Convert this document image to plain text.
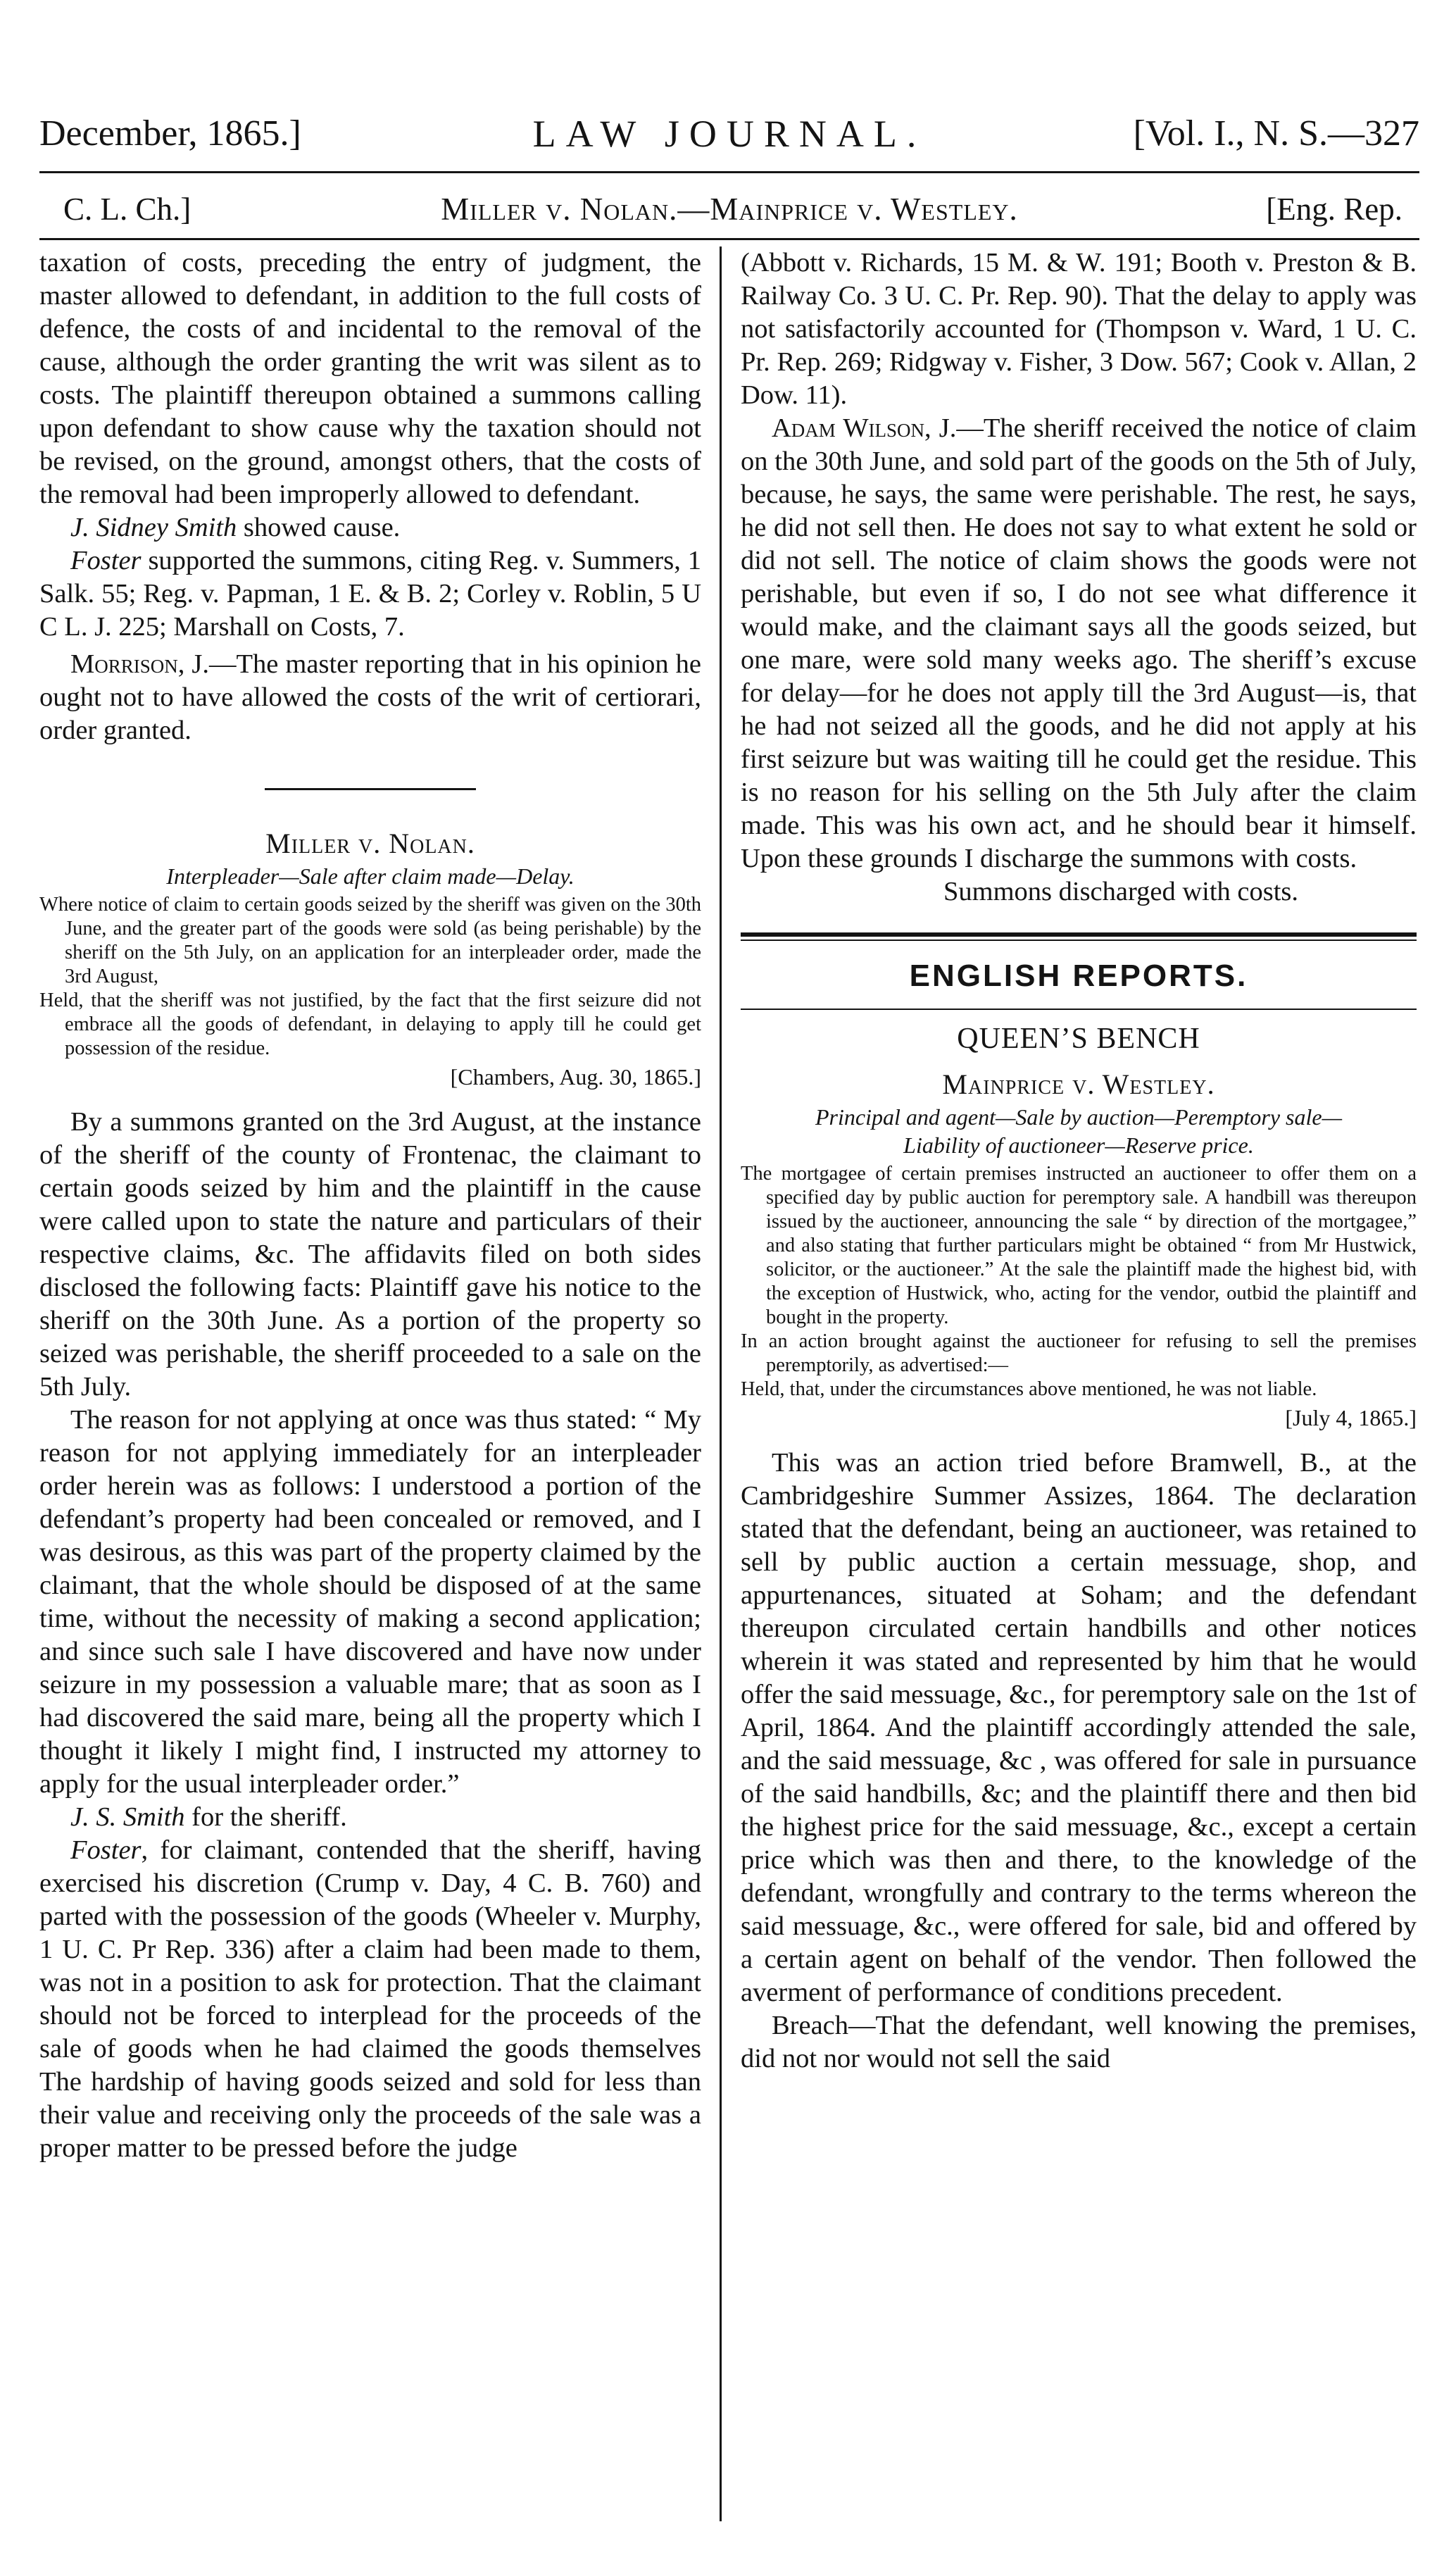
December, 1865.]	LAW JOURNAL.	[Vol. I., N. S.—327
C. L. Ch.]	Miller v. Nolan.—Mainprice v. Westley.	[Eng. Rep.

taxation of costs, preceding the entry of judgment, the master allowed to defendant, in addition to the full costs of defence, the costs of and incidental to the removal of the cause, although the order granting the writ was silent as to costs. The plaintiff thereupon obtained a summons calling upon defendant to show cause why the taxation should not be revised, on the ground, amongst others, that the costs of the removal had been improperly allowed to defendant.

J. Sidney Smith showed cause.

Foster supported the summons, citing Reg. v. Summers, 1 Salk. 55; Reg. v. Papman, 1 E. & B. 2; Corley v. Roblin, 5 U C L. J. 225; Marshall on Costs, 7.

Morrison, J.—The master reporting that in his opinion he ought not to have allowed the costs of the writ of certiorari, order granted.

Miller v. Nolan.

Interpleader—Sale after claim made—Delay.

Where notice of claim to certain goods seized by the sheriff was given on the 30th June, and the greater part of the goods were sold (as being perishable) by the sheriff on the 5th July, on an application for an interpleader order, made the 3rd August,

Held, that the sheriff was not justified, by the fact that the first seizure did not embrace all the goods of defendant, in delaying to apply till he could get possession of the residue.

[Chambers, Aug. 30, 1865.]

By a summons granted on the 3rd August, at the instance of the sheriff of the county of Frontenac, the claimant to certain goods seized by him and the plaintiff in the cause were called upon to state the nature and particulars of their respective claims, &c. The affidavits filed on both sides disclosed the following facts: Plaintiff gave his notice to the sheriff on the 30th June. As a portion of the property so seized was perishable, the sheriff proceeded to a sale on the 5th July.

The reason for not applying at once was thus stated: “ My reason for not applying immediately for an interpleader order herein was as follows: I understood a portion of the defendant’s property had been concealed or removed, and I was desirous, as this was part of the property claimed by the claimant, that the whole should be disposed of at the same time, without the necessity of making a second application; and since such sale I have discovered and have now under seizure in my possession a valuable mare; that as soon as I had discovered the said mare, being all the property which I thought it likely I might find, I instructed my attorney to apply for the usual interpleader order.”

J. S. Smith for the sheriff.

Foster, for claimant, contended that the sheriff, having exercised his discretion (Crump v. Day, 4 C. B. 760) and parted with the possession of the goods (Wheeler v. Murphy, 1 U. C. Pr Rep. 336) after a claim had been made to them, was not in a position to ask for protection. That the claimant should not be forced to interplead for the proceeds of the sale of goods when he had claimed the goods themselves The hardship of having goods seized and sold for less than their value and receiving only the proceeds of the sale was a proper matter to be pressed before the judge

(Abbott v. Richards, 15 M. & W. 191; Booth v. Preston & B. Railway Co. 3 U. C. Pr. Rep. 90). That the delay to apply was not satisfactorily accounted for (Thompson v. Ward, 1 U. C. Pr. Rep. 269; Ridgway v. Fisher, 3 Dow. 567; Cook v. Allan, 2 Dow. 11).

Adam Wilson, J.—The sheriff received the notice of claim on the 30th June, and sold part of the goods on the 5th of July, because, he says, the same were perishable. The rest, he says, he did not sell then. He does not say to what extent he sold or did not sell. The notice of claim shows the goods were not perishable, but even if so, I do not see what difference it would make, and the claimant says all the goods seized, but one mare, were sold many weeks ago. The sheriff’s excuse for delay—for he does not apply till the 3rd August—is, that he had not seized all the goods, and he did not apply at his first seizure but was waiting till he could get the residue. This is no reason for his selling on the 5th July after the claim made. This was his own act, and he should bear it himself. Upon these grounds I discharge the summons with costs.

Summons discharged with costs.

ENGLISH REPORTS.

QUEEN’S BENCH

Mainprice v. Westley.

Principal and agent—Sale by auction—Peremptory sale—

Liability of auctioneer—Reserve price.

The mortgagee of certain premises instructed an auctioneer to offer them on a specified day by public auction for peremptory sale. A handbill was thereupon issued by the auctioneer, announcing the sale “ by direction of the mortgagee,” and also stating that further particulars might be obtained “ from Mr Hustwick, solicitor, or the auctioneer.” At the sale the plaintiff made the highest bid, with the exception of Hustwick, who, acting for the vendor, outbid the plaintiff and bought in the property.

In an action brought against the auctioneer for refusing to sell the premises peremptorily, as advertised:—

Held, that, under the circumstances above mentioned, he was not liable.

[July 4, 1865.]

This was an action tried before Bramwell, B., at the Cambridgeshire Summer Assizes, 1864. The declaration stated that the defendant, being an auctioneer, was retained to sell by public auction a certain messuage, shop, and appurtenances, situated at Soham; and the defendant thereupon circulated certain handbills and other notices wherein it was stated and represented by him that he would offer the said messuage, &c., for peremptory sale on the 1st of April, 1864. And the plaintiff accordingly attended the sale, and the said messuage, &c , was offered for sale in pursuance of the said handbills, &c; and the plaintiff there and then bid the highest price for the said messuage, &c., except a certain price which was then and there, to the knowledge of the defendant, wrongfully and contrary to the terms whereon the said messuage, &c., were offered for sale, bid and offered by a certain agent on behalf of the vendor. Then followed the averment of performance of conditions precedent.

Breach—That the defendant, well knowing the premises, did not nor would not sell the said
